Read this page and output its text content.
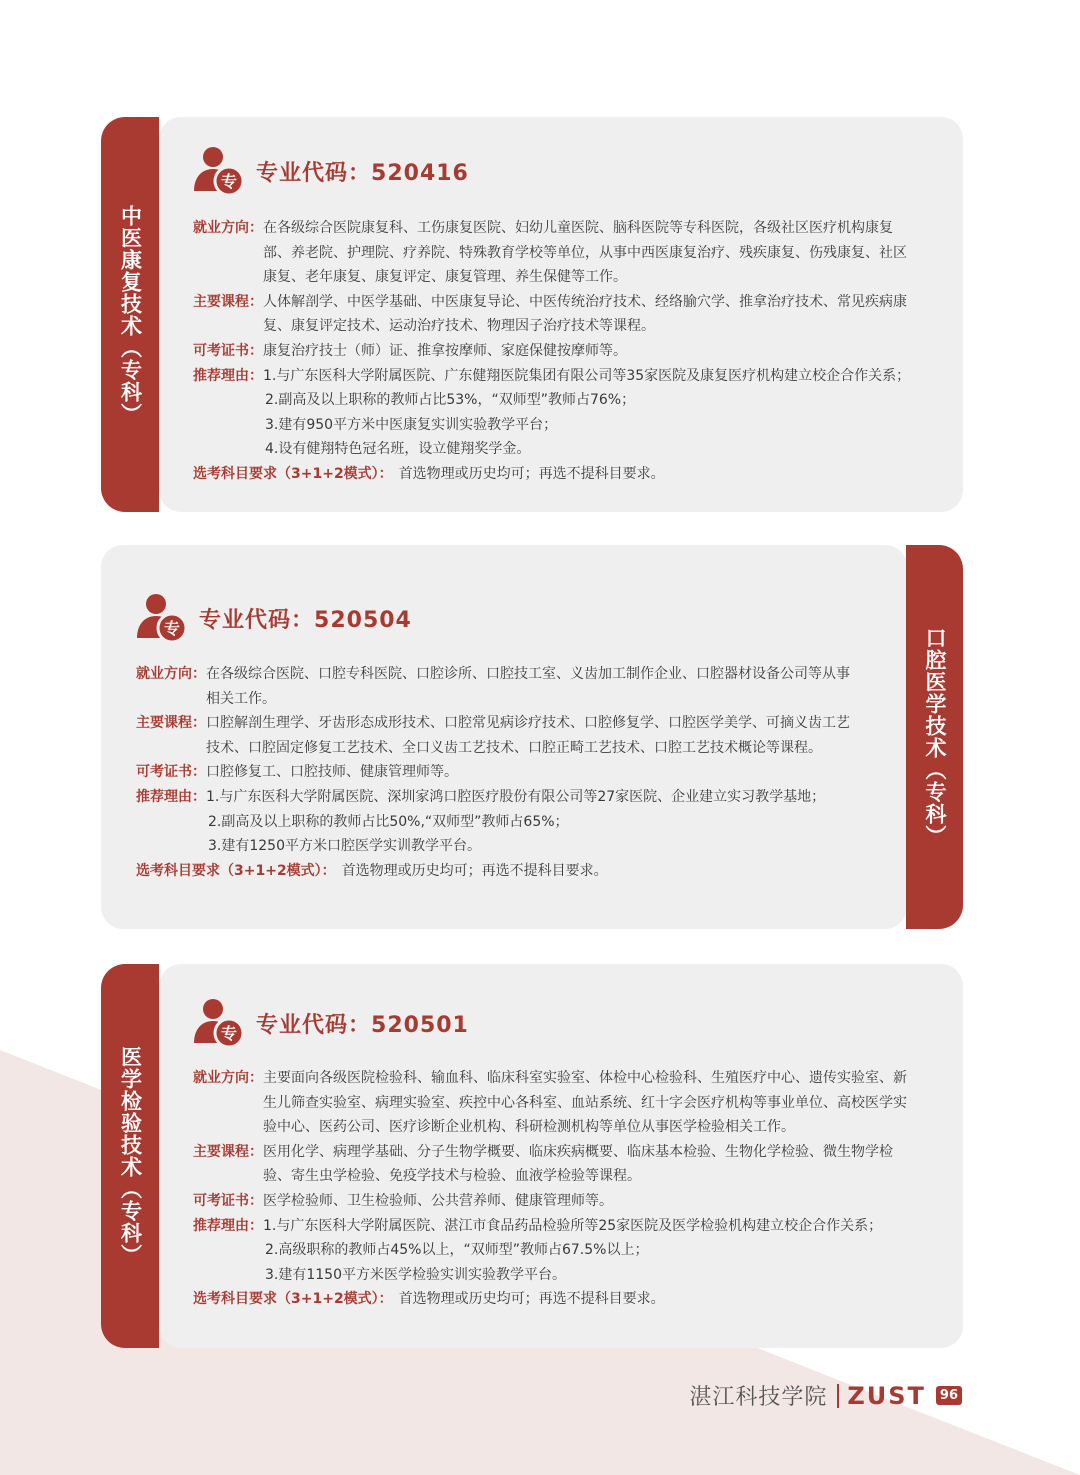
中医康复技术（专科）
专 专业代码：520416
就业方向： 在各级综合医院康复科、工伤康复医院、妇幼儿童医院、脑科医院等专科医院，各级社区医疗机构康复
部、养老院、护理院、疗养院、特殊教育学校等单位，从事中西医康复治疗、残疾康复、伤残康复、社区
康复、老年康复、康复评定、康复管理、养生保健等工作。
主要课程： 人体解剖学、中医学基础、中医康复导论、中医传统治疗技术、经络腧穴学、推拿治疗技术、常见疾病康
复、康复评定技术、运动治疗技术、物理因子治疗技术等课程。
可考证书： 康复治疗技士（师）证、推拿按摩师、家庭保健按摩师等。
推荐理由： 1.与广东医科大学附属医院、广东健翔医院集团有限公司等35家医院及康复医疗机构建立校企合作关系；
2.副高及以上职称的教师占比53%，“双师型”教师占76%；
3.建有950平方米中医康复实训实验教学平台；
4.设有健翔特色冠名班，设立健翔奖学金。
选考科目要求（3+1+2模式）： 首选物理或历史均可；再选不提科目要求。
口腔医学技术（专科）
专 专业代码：520504
就业方向： 在各级综合医院、口腔专科医院、口腔诊所、口腔技工室、义齿加工制作企业、口腔器材设备公司等从事
相关工作。
主要课程： 口腔解剖生理学、牙齿形态成形技术、口腔常见病诊疗技术、口腔修复学、口腔医学美学、可摘义齿工艺
技术、口腔固定修复工艺技术、全口义齿工艺技术、口腔正畸工艺技术、口腔工艺技术概论等课程。
可考证书： 口腔修复工、口腔技师、健康管理师等。
推荐理由： 1.与广东医科大学附属医院、深圳家鸿口腔医疗股份有限公司等27家医院、企业建立实习教学基地；
2.副高及以上职称的教师占比50%,“双师型”教师占65%；
3.建有1250平方米口腔医学实训教学平台。
选考科目要求（3+1+2模式）： 首选物理或历史均可；再选不提科目要求。
医学检验技术（专科）
专 专业代码：520501
就业方向： 主要面向各级医院检验科、输血科、临床科室实验室、体检中心检验科、生殖医疗中心、遗传实验室、新
生儿筛查实验室、病理实验室、疾控中心各科室、血站系统、红十字会医疗机构等事业单位、高校医学实
验中心、医药公司、医疗诊断企业机构、科研检测机构等单位从事医学检验相关工作。
主要课程： 医用化学、病理学基础、分子生物学概要、临床疾病概要、临床基本检验、生物化学检验、微生物学检
验、寄生虫学检验、免疫学技术与检验、血液学检验等课程。
可考证书： 医学检验师、卫生检验师、公共营养师、健康管理师等。
推荐理由： 1.与广东医科大学附属医院、湛江市食品药品检验所等25家医院及医学检验机构建立校企合作关系；
2.高级职称的教师占45%以上，“双师型”教师占67.5%以上；
3.建有1150平方米医学检验实训实验教学平台。
选考科目要求（3+1+2模式）： 首选物理或历史均可；再选不提科目要求。
湛江科技学院 ZUST	96
